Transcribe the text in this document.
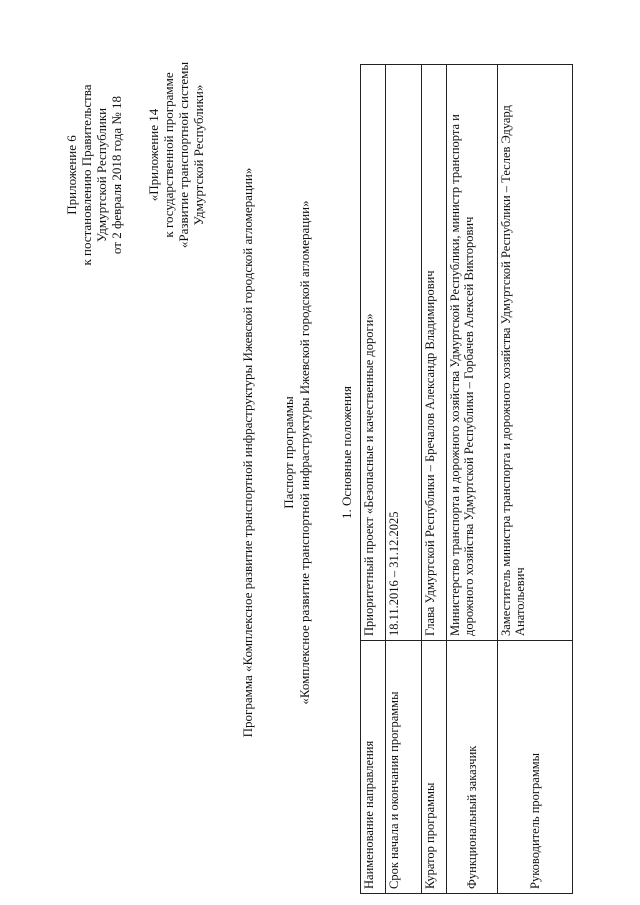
Приложение 6 к постановлению Правительства Удмуртской Республики от 2 февраля 2018 года № 18 «Приложение 14 к государственной программе «Развитие транспортной системы Удмуртской Республики»
Программа «Комплексное развитие транспортной инфраструктуры Ижевской городской агломерации» Паспорт программы «Комплексное развитие транспортной инфраструктуры Ижевской городской агломерации» 1. Основные положения
Наименование направления	Приоритетный проект «Безопасные и качественные дороги»
Срок начала и окончания программы	18.11.2016 – 31.12.2025
Куратор программы	Глава Удмуртской Республики – Бречалов Александр Владимирович
Функциональный заказчик	Министерство транспорта и дорожного хозяйства Удмуртской Республики, министр транспорта и дорожного хозяйства Удмуртской Республики – Горбачев Алексей Викторович
Руководитель программы	Заместитель министра транспорта и дорожного хозяйства Удмуртской Республики – Теслев Эдуард Анатольевич
